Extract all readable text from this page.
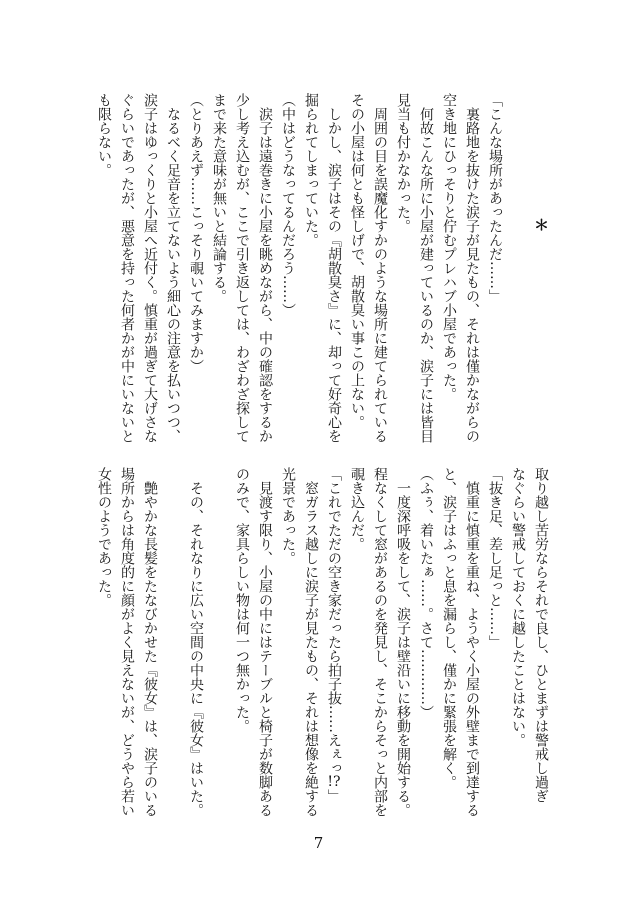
＊
「こんな場所があったんだ……」
裏路地を抜けた涙子が見たもの、それは僅かながらの
空き地にひっそりと佇むプレハブ小屋であった。
何故こんな所に小屋が建っているのか、涙子には皆目
見当も付かなかった。
周囲の目を誤魔化すかのような場所に建てられている
その小屋は何とも怪しげで、胡散臭い事この上ない。
しかし、涙子はその『胡散臭さ』に、却って好奇心を
掘られてしまっていた。
（中はどうなってるんだろう……）
涙子は遠巻きに小屋を眺めながら、中の確認をするか
少し考え込むが、ここで引き返しては、わざわざ探して
まで来た意味が無いと結論する。
（とりあえず……こっそり覗いてみますか）
なるべく足音を立てないよう細心の注意を払いつつ、
涙子はゆっくりと小屋へ近付く。慎重が過ぎて大げさな
ぐらいであったが、悪意を持った何者かが中にいないと
も限らない。
取り越し苦労ならそれで良し、ひとまずは警戒し過ぎ
なぐらい警戒しておくに越したことはない。
「抜き足、差し足っと……」
慎重に慎重を重ね、ようやく小屋の外壁まで到達する
と、涙子はふっと息を漏らし、僅かに緊張を解く。
（ふぅ、着いたぁ……。さて…………）
一度深呼吸をして、涙子は壁沿いに移動を開始する。
程なくして窓があるのを発見し、そこからそっと内部を
覗き込んだ。
「これでただの空き家だったら拍子抜……えぇっ!?」
窓ガラス越しに涙子が見たもの、それは想像を絶する
光景であった。
見渡す限り、小屋の中にはテーブルと椅子が数脚ある
のみで、家具らしい物は何一つ無かった。
その、それなりに広い空間の中央に『彼女』はいた。
艶やかな長髪をたなびかせた『彼女』は、涙子のいる
場所からは角度的に顔がよく見えないが、どうやら若い
女性のようであった。
7
